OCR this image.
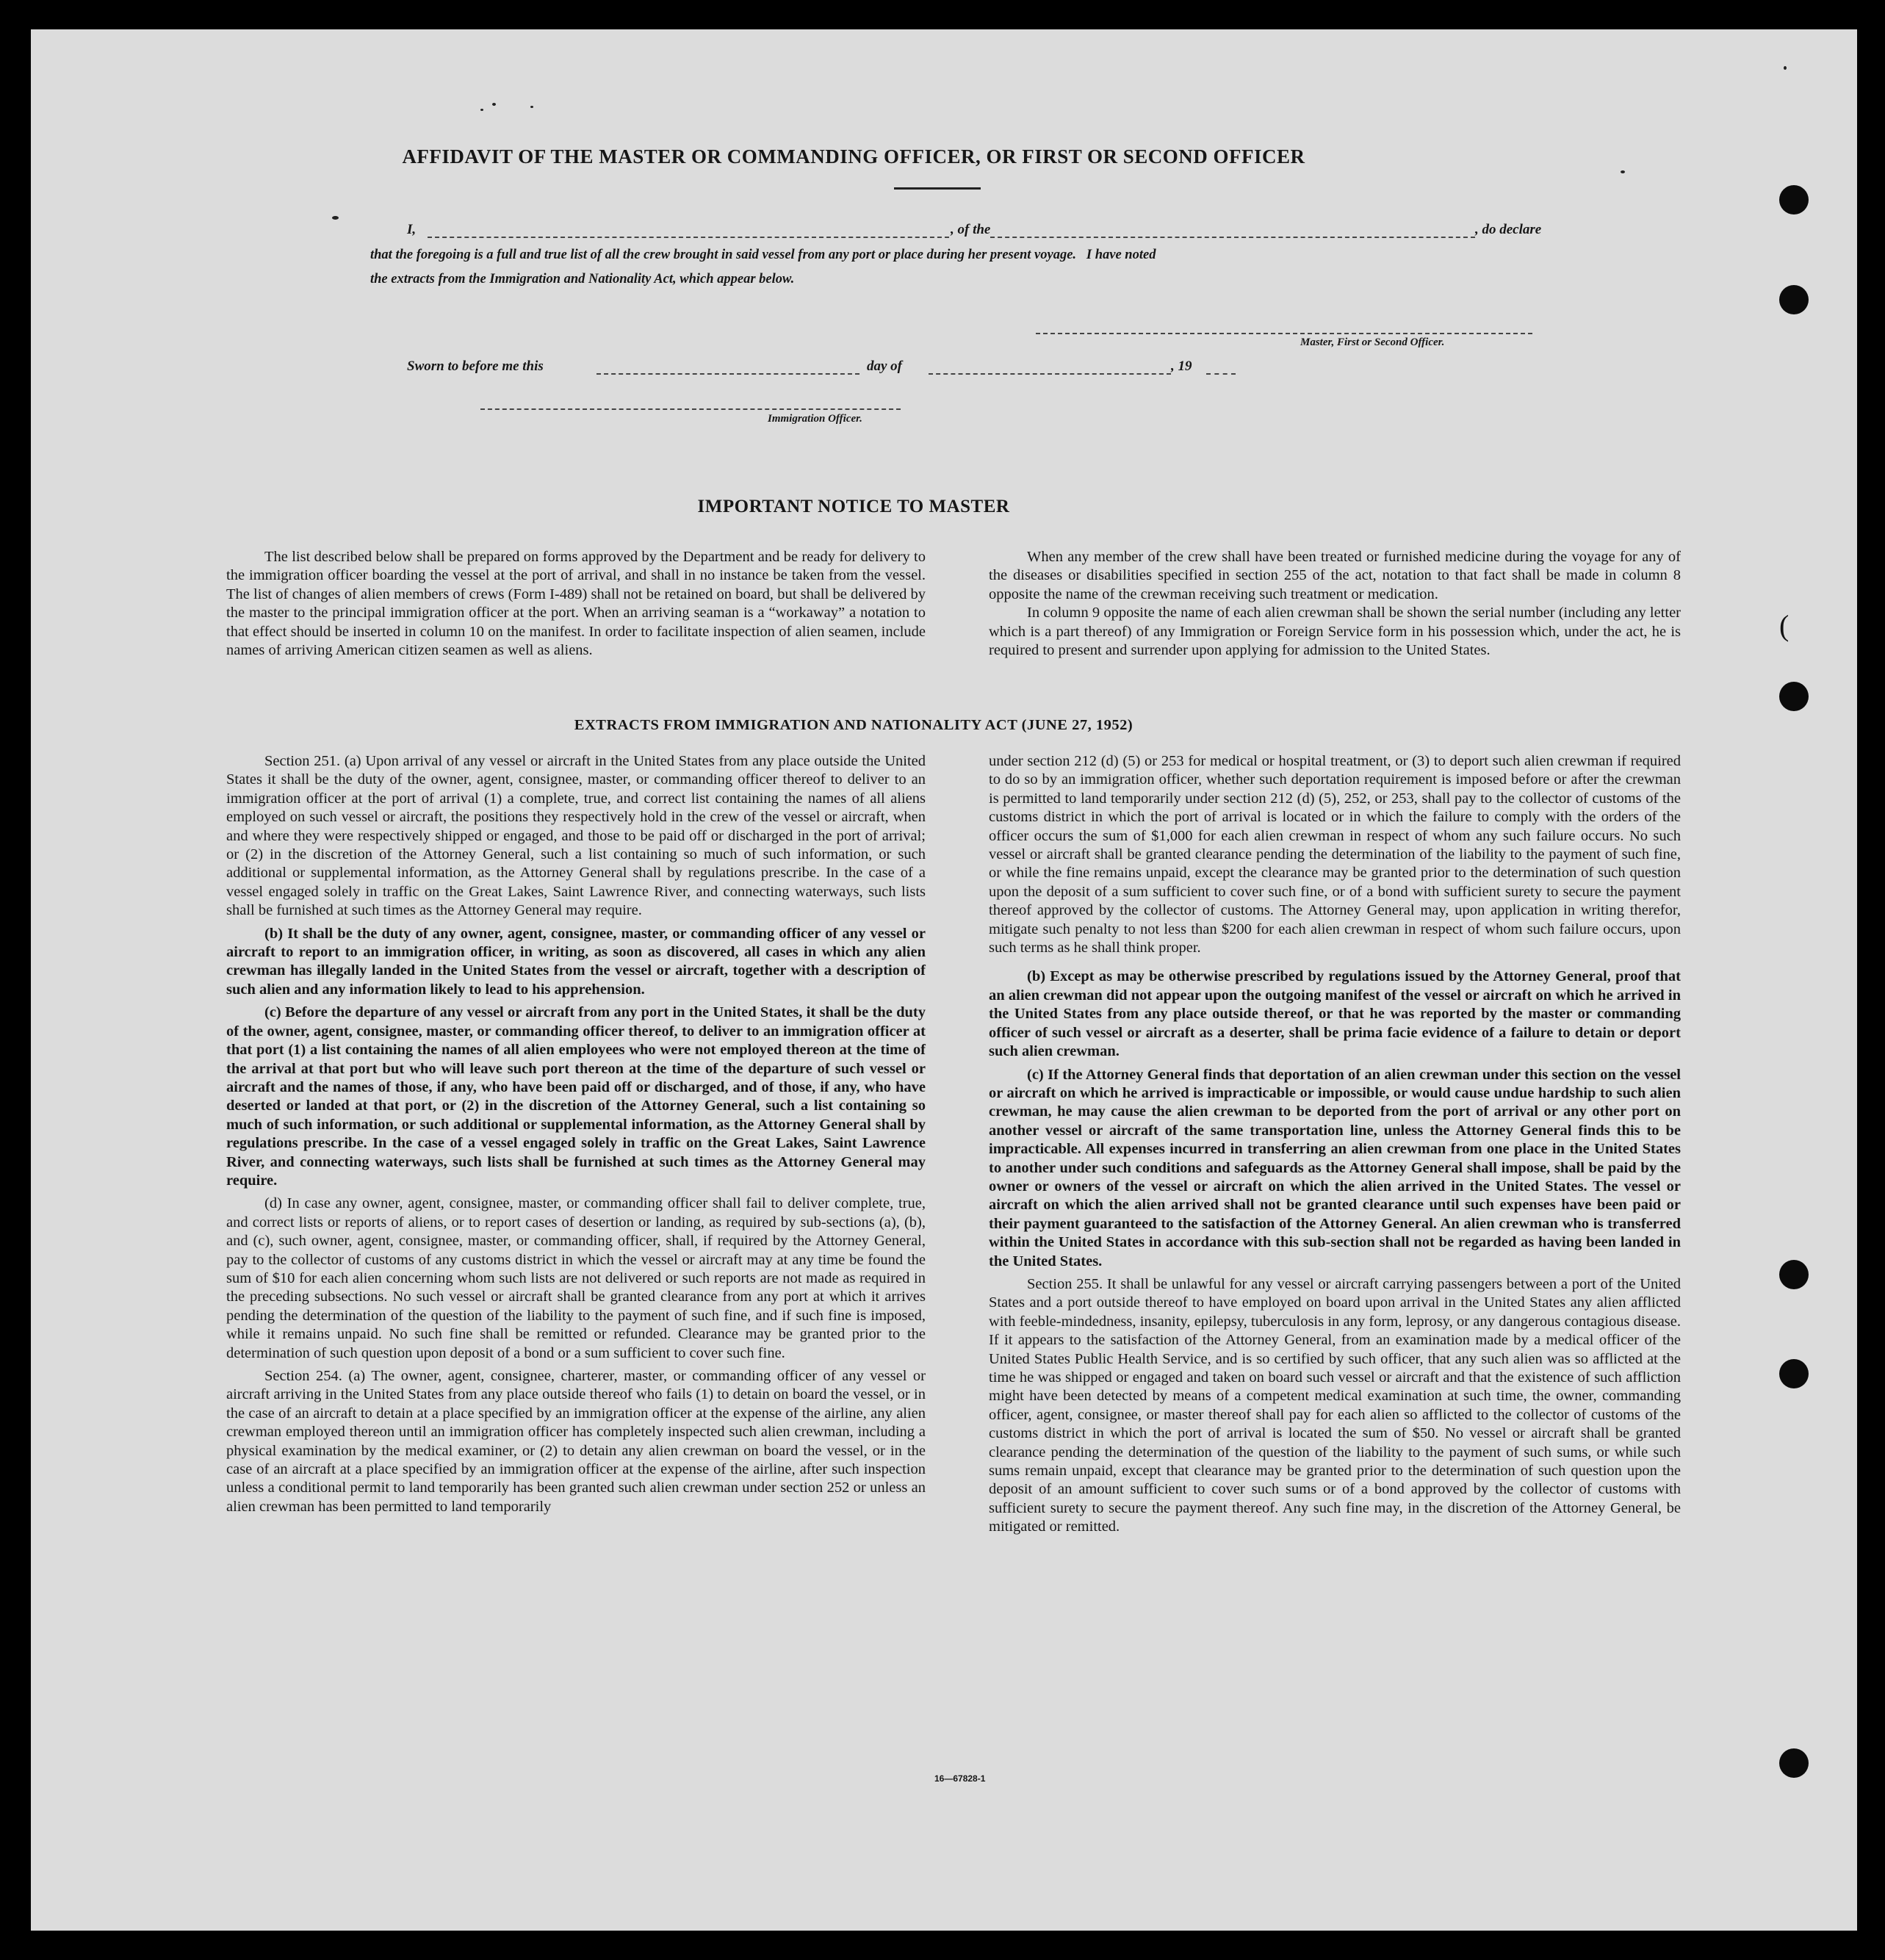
(
AFFIDAVIT OF THE MASTER OR COMMANDING OFFICER, OR FIRST OR SECOND OFFICER
I,	, of the	, do declare
that the foregoing is a full and true list of all the crew brought in said vessel from any port or place during her present voyage.   I have noted
the extracts from the Immigration and Nationality Act, which appear below.
Master, First or Second Officer.
Sworn to before me this	day of	, 19
Immigration Officer.
IMPORTANT NOTICE TO MASTER

The list described below shall be prepared on forms approved by the Department and be ready for delivery to the immigration officer boarding the vessel at the port of arrival, and shall in no instance be taken from the vessel. The list of changes of alien members of crews (Form I-489) shall not be retained on board, but shall be delivered by the master to the principal immigration officer at the port. When an arriving seaman is a “workaway” a notation to that effect should be inserted in column 10 on the manifest. In order to facilitate inspection of alien seamen, include names of arriving American citizen seamen as well as aliens.

When any member of the crew shall have been treated or furnished medicine during the voyage for any of the diseases or disabilities specified in section 255 of the act, notation to that fact shall be made in column 8 opposite the name of the crewman receiving such treatment or medication.

In column 9 opposite the name of each alien crewman shall be shown the serial number (including any letter which is a part thereof) of any Immigration or Foreign Service form in his possession which, under the act, he is required to present and surrender upon applying for admission to the United States.

EXTRACTS FROM IMMIGRATION AND NATIONALITY ACT (JUNE 27, 1952)

Section 251. (a) Upon arrival of any vessel or aircraft in the United States from any place outside the United States it shall be the duty of the owner, agent, consignee, master, or commanding officer thereof to deliver to an immigration officer at the port of arrival (1) a complete, true, and correct list containing the names of all aliens employed on such vessel or aircraft, the positions they respectively hold in the crew of the vessel or aircraft, when and where they were respectively shipped or engaged, and those to be paid off or discharged in the port of arrival; or (2) in the discretion of the Attorney General, such a list containing so much of such information, or such additional or supplemental information, as the Attorney General shall by regulations prescribe. In the case of a vessel engaged solely in traffic on the Great Lakes, Saint Lawrence River, and connecting waterways, such lists shall be furnished at such times as the Attorney General may require.

(b) It shall be the duty of any owner, agent, consignee, master, or commanding officer of any vessel or aircraft to report to an immigration officer, in writing, as soon as discovered, all cases in which any alien crewman has illegally landed in the United States from the vessel or aircraft, together with a description of such alien and any information likely to lead to his apprehension.

(c) Before the departure of any vessel or aircraft from any port in the United States, it shall be the duty of the owner, agent, consignee, master, or commanding officer thereof, to deliver to an immigration officer at that port (1) a list containing the names of all alien employees who were not employed thereon at the time of the arrival at that port but who will leave such port thereon at the time of the departure of such vessel or aircraft and the names of those, if any, who have been paid off or discharged, and of those, if any, who have deserted or landed at that port, or (2) in the discretion of the Attorney General, such a list containing so much of such information, or such additional or supplemental information, as the Attorney General shall by regulations prescribe. In the case of a vessel engaged solely in traffic on the Great Lakes, Saint Lawrence River, and connecting waterways, such lists shall be furnished at such times as the Attorney General may require.

(d) In case any owner, agent, consignee, master, or commanding officer shall fail to deliver complete, true, and correct lists or reports of aliens, or to report cases of desertion or landing, as required by sub-sections (a), (b), and (c), such owner, agent, consignee, master, or commanding officer, shall, if required by the Attorney General, pay to the collector of customs of any customs district in which the vessel or aircraft may at any time be found the sum of $10 for each alien concerning whom such lists are not delivered or such reports are not made as required in the preceding subsections. No such vessel or aircraft shall be granted clearance from any port at which it arrives pending the determination of the question of the liability to the payment of such fine, and if such fine is imposed, while it remains unpaid. No such fine shall be remitted or refunded. Clearance may be granted prior to the determination of such question upon deposit of a bond or a sum sufficient to cover such fine.

Section 254. (a) The owner, agent, consignee, charterer, master, or commanding officer of any vessel or aircraft arriving in the United States from any place outside thereof who fails (1) to detain on board the vessel, or in the case of an aircraft to detain at a place specified by an immigration officer at the expense of the airline, any alien crewman employed thereon until an immigration officer has completely inspected such alien crewman, including a physical examination by the medical examiner, or (2) to detain any alien crewman on board the vessel, or in the case of an aircraft at a place specified by an immigration officer at the expense of the airline, after such inspection unless a conditional permit to land temporarily has been granted such alien crewman under section 252 or unless an alien crewman has been permitted to land temporarily

under section 212 (d) (5) or 253 for medical or hospital treatment, or (3) to deport such alien crewman if required to do so by an immigration officer, whether such deportation requirement is imposed before or after the crewman is permitted to land temporarily under section 212 (d) (5), 252, or 253, shall pay to the collector of customs of the customs district in which the port of arrival is located or in which the failure to comply with the orders of the officer occurs the sum of $1,000 for each alien crewman in respect of whom any such failure occurs. No such vessel or aircraft shall be granted clearance pending the determination of the liability to the payment of such fine, or while the fine remains unpaid, except the clearance may be granted prior to the determination of such question upon the deposit of a sum sufficient to cover such fine, or of a bond with sufficient surety to secure the payment thereof approved by the collector of customs. The Attorney General may, upon application in writing therefor, mitigate such penalty to not less than $200 for each alien crewman in respect of whom such failure occurs, upon such terms as he shall think proper.

(b) Except as may be otherwise prescribed by regulations issued by the Attorney General, proof that an alien crewman did not appear upon the outgoing manifest of the vessel or aircraft on which he arrived in the United States from any place outside thereof, or that he was reported by the master or commanding officer of such vessel or aircraft as a deserter, shall be prima facie evidence of a failure to detain or deport such alien crewman.

(c) If the Attorney General finds that deportation of an alien crewman under this section on the vessel or aircraft on which he arrived is impracticable or impossible, or would cause undue hardship to such alien crewman, he may cause the alien crewman to be deported from the port of arrival or any other port on another vessel or aircraft of the same transportation line, unless the Attorney General finds this to be impracticable. All expenses incurred in transferring an alien crewman from one place in the United States to another under such conditions and safeguards as the Attorney General shall impose, shall be paid by the owner or owners of the vessel or aircraft on which the alien arrived in the United States. The vessel or aircraft on which the alien arrived shall not be granted clearance until such expenses have been paid or their payment guaranteed to the satisfaction of the Attorney General. An alien crewman who is transferred within the United States in accordance with this sub-section shall not be regarded as having been landed in the United States.

Section 255. It shall be unlawful for any vessel or aircraft carrying passengers between a port of the United States and a port outside thereof to have employed on board upon arrival in the United States any alien afflicted with feeble-mindedness, insanity, epilepsy, tuberculosis in any form, leprosy, or any dangerous contagious disease. If it appears to the satisfaction of the Attorney General, from an examination made by a medical officer of the United States Public Health Service, and is so certified by such officer, that any such alien was so afflicted at the time he was shipped or engaged and taken on board such vessel or aircraft and that the existence of such affliction might have been detected by means of a competent medical examination at such time, the owner, commanding officer, agent, consignee, or master thereof shall pay for each alien so afflicted to the collector of customs of the customs district in which the port of arrival is located the sum of $50. No vessel or aircraft shall be granted clearance pending the determination of the question of the liability to the payment of such sums, or while such sums remain unpaid, except that clearance may be granted prior to the determination of such question upon the deposit of an amount sufficient to cover such sums or of a bond approved by the collector of customs with sufficient surety to secure the payment thereof. Any such fine may, in the discretion of the Attorney General, be mitigated or remitted.

16—67828-1
